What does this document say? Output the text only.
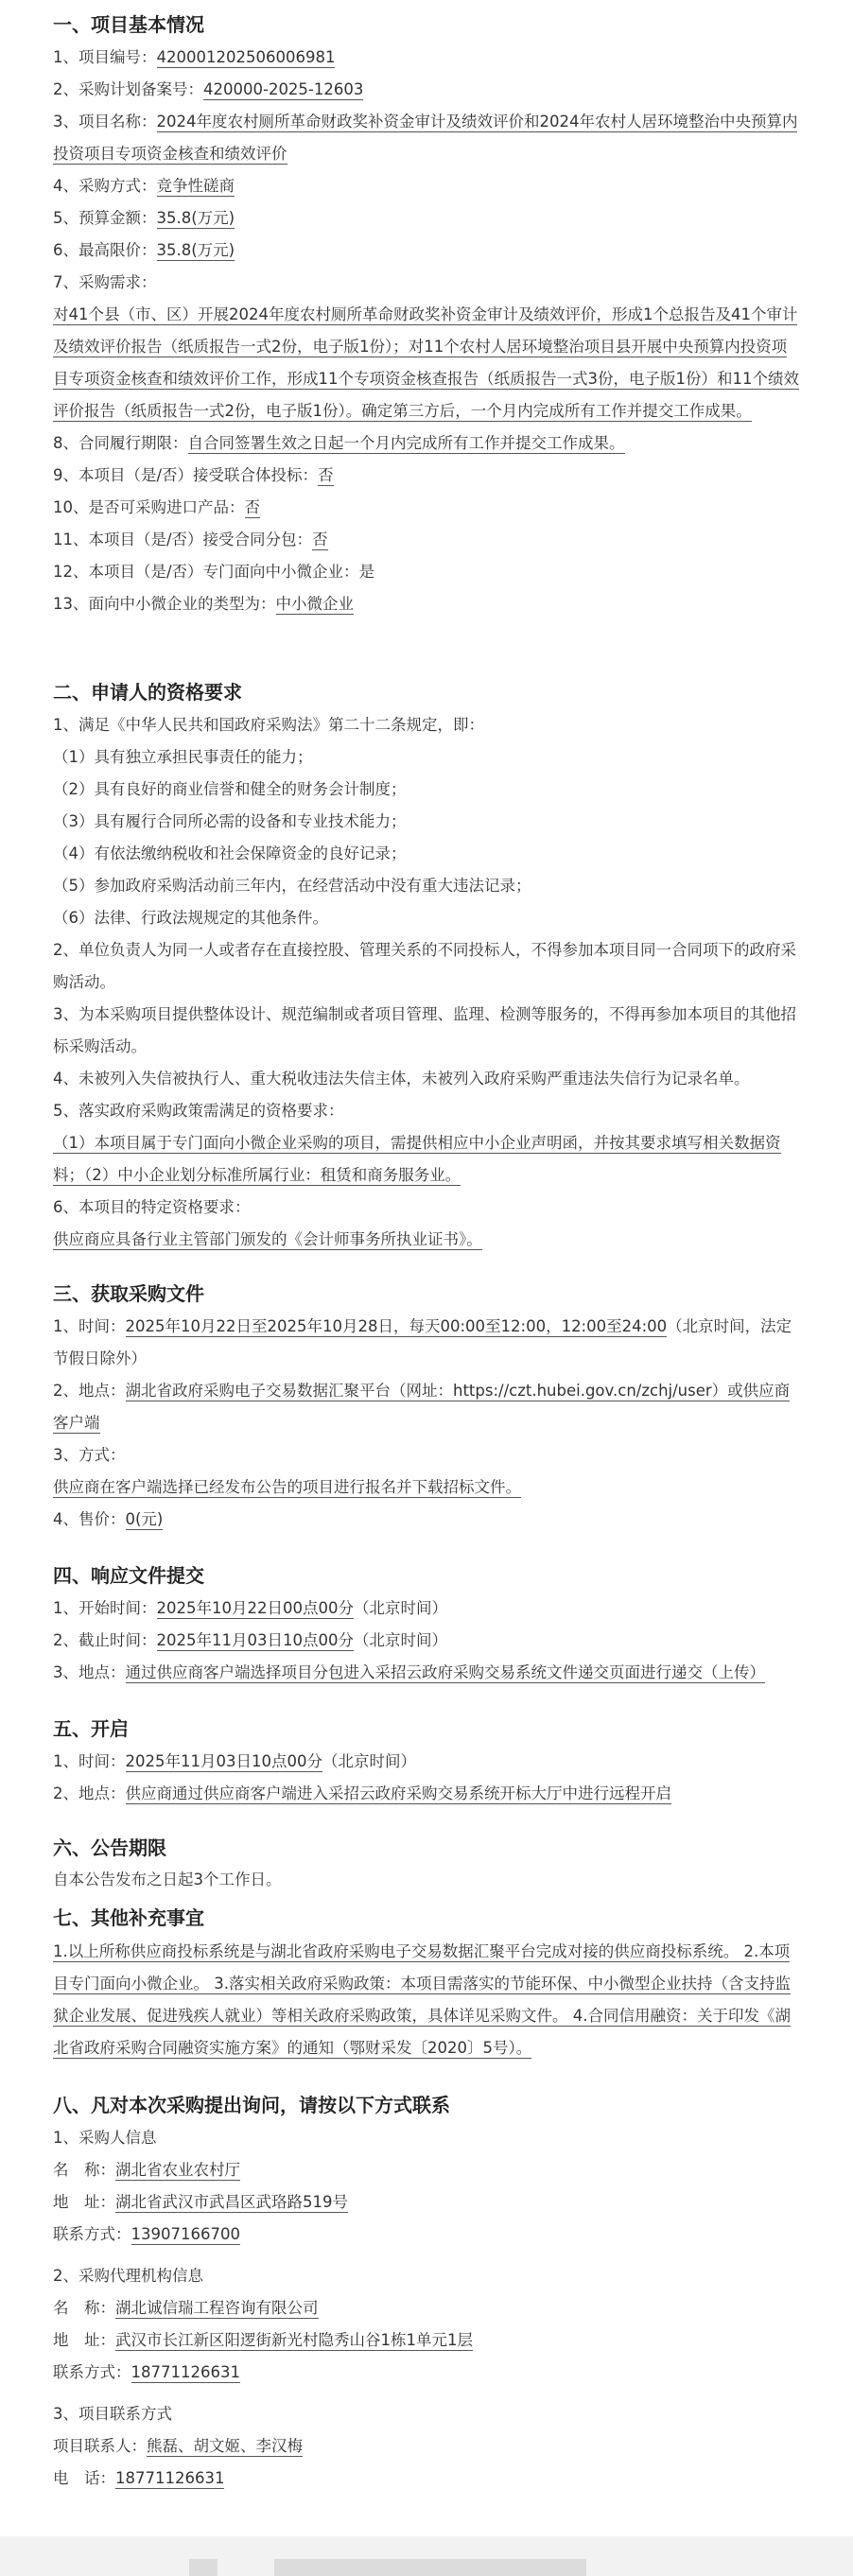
一、项目基本情况

1、项目编号：420001202506006981

2、采购计划备案号：420000-2025-12603

3、项目名称：2024年度农村厕所革命财政奖补资金审计及绩效评价和2024年农村人居环境整治中央预算内投资项目专项资金核查和绩效评价

4、采购方式：竞争性磋商

5、预算金额：35.8(万元)

6、最高限价：35.8(万元)

7、采购需求：

对41个县（市、区）开展2024年度农村厕所革命财政奖补资金审计及绩效评价，形成1个总报告及41个审计及绩效评价报告（纸质报告一式2份，电子版1份）；对11个农村人居环境整治项目县开展中央预算内投资项目专项资金核查和绩效评价工作，形成11个专项资金核查报告（纸质报告一式3份，电子版1份）和11个绩效评价报告（纸质报告一式2份，电子版1份）。确定第三方后，一个月内完成所有工作并提交工作成果。

8、合同履行期限：自合同签署生效之日起一个月内完成所有工作并提交工作成果。

9、本项目（是/否）接受联合体投标：否

10、是否可采购进口产品：否

11、本项目（是/否）接受合同分包：否

12、本项目（是/否）专门面向中小微企业：是

13、面向中小微企业的类型为：中小微企业

二、申请人的资格要求

1、满足《中华人民共和国政府采购法》第二十二条规定，即：

（1）具有独立承担民事责任的能力；

（2）具有良好的商业信誉和健全的财务会计制度；

（3）具有履行合同所必需的设备和专业技术能力；

（4）有依法缴纳税收和社会保障资金的良好记录；

（5）参加政府采购活动前三年内，在经营活动中没有重大违法记录；

（6）法律、行政法规规定的其他条件。

2、单位负责人为同一人或者存在直接控股、管理关系的不同投标人，不得参加本项目同一合同项下的政府采购活动。

3、为本采购项目提供整体设计、规范编制或者项目管理、监理、检测等服务的，不得再参加本项目的其他招标采购活动。

4、未被列入失信被执行人、重大税收违法失信主体，未被列入政府采购严重违法失信行为记录名单。

5、落实政府采购政策需满足的资格要求：

（1）本项目属于专门面向小微企业采购的项目，需提供相应中小企业声明函，并按其要求填写相关数据资料；（2）中小企业划分标准所属行业：租赁和商务服务业。

6、本项目的特定资格要求：

供应商应具备行业主管部门颁发的《会计师事务所执业证书》。

三、获取采购文件

1、时间：2025年10月22日至2025年10月28日，每天00:00至12:00，12:00至24:00（北京时间，法定节假日除外）

2、地点：湖北省政府采购电子交易数据汇聚平台（网址：https://czt.hubei.gov.cn/zchj/user）或供应商客户端

3、方式：

供应商在客户端选择已经发布公告的项目进行报名并下载招标文件。

4、售价：0(元)

四、响应文件提交

1、开始时间：2025年10月22日00点00分（北京时间）

2、截止时间：2025年11月03日10点00分（北京时间）

3、地点：通过供应商客户端选择项目分包进入采招云政府采购交易系统文件递交页面进行递交（上传）

五、开启

1、时间：2025年11月03日10点00分（北京时间）

2、地点：供应商通过供应商客户端进入采招云政府采购交易系统开标大厅中进行远程开启

六、公告期限

自本公告发布之日起3个工作日。

七、其他补充事宜

1.以上所称供应商投标系统是与湖北省政府采购电子交易数据汇聚平台完成对接的供应商投标系统。 2.本项目专门面向小微企业。 3.落实相关政府采购政策：本项目需落实的节能环保、中小微型企业扶持（含支持监狱企业发展、促进残疾人就业）等相关政府采购政策，具体详见采购文件。 4.合同信用融资：关于印发《湖北省政府采购合同融资实施方案》的通知（鄂财采发〔2020〕5号）。

八、凡对本次采购提出询问，请按以下方式联系

1、采购人信息

名　称：湖北省农业农村厅

地　址：湖北省武汉市武昌区武珞路519号

联系方式：13907166700

2、采购代理机构信息

名　称：湖北诚信瑞工程咨询有限公司

地　址：武汉市长江新区阳逻街新光村隐秀山谷1栋1单元1层

联系方式：18771126631

3、项目联系方式

项目联系人：熊磊、胡文姬、李汉梅

电　话：18771126631
